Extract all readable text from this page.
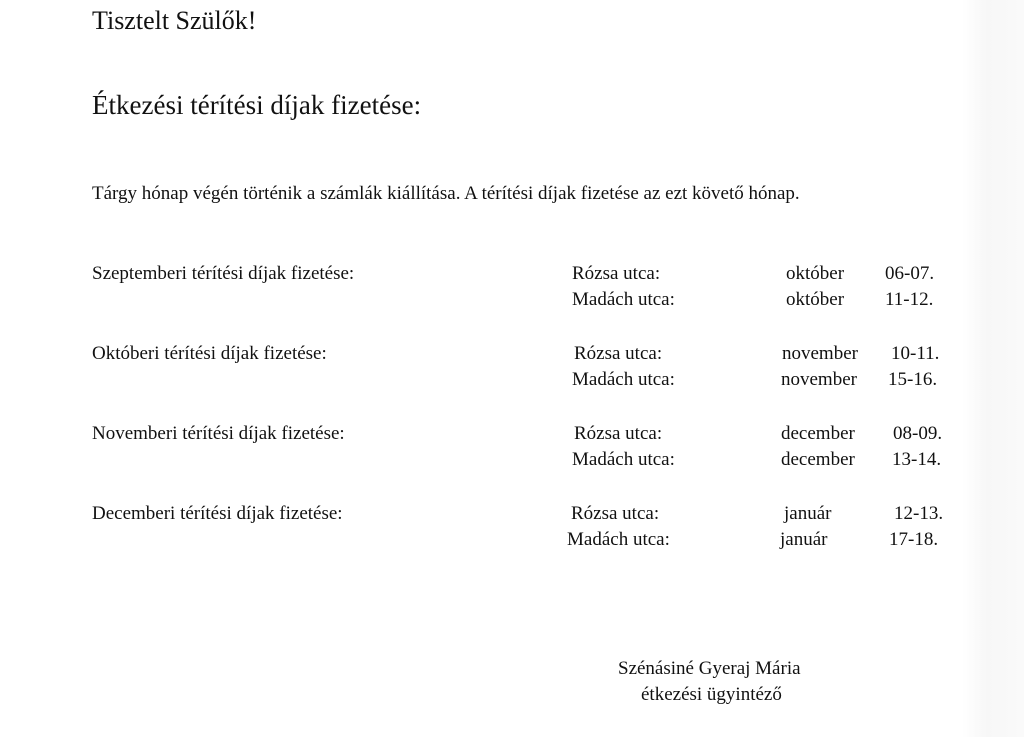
Tisztelt Szülők!
Étkezési térítési díjak fizetése:
Tárgy hónap végén történik a számlák kiállítása. A térítési díjak fizetése az ezt követő hónap.
Szeptemberi térítési díjak fizetése:	Rózsa utca:	október 06-07.
Madách utca:	október 11-12.
Októberi térítési díjak fizetése:	Rózsa utca:	november 10-11.
Madách utca:	november 15-16.
Novemberi térítési díjak fizetése:	Rózsa utca:	december 08-09.
Madách utca:	december 13-14.
Decemberi térítési díjak fizetése:	Rózsa utca:	január	12-13.
Madách utca:	január	17-18.
Szénásiné Gyeraj Mária
étkezési ügyintéző
